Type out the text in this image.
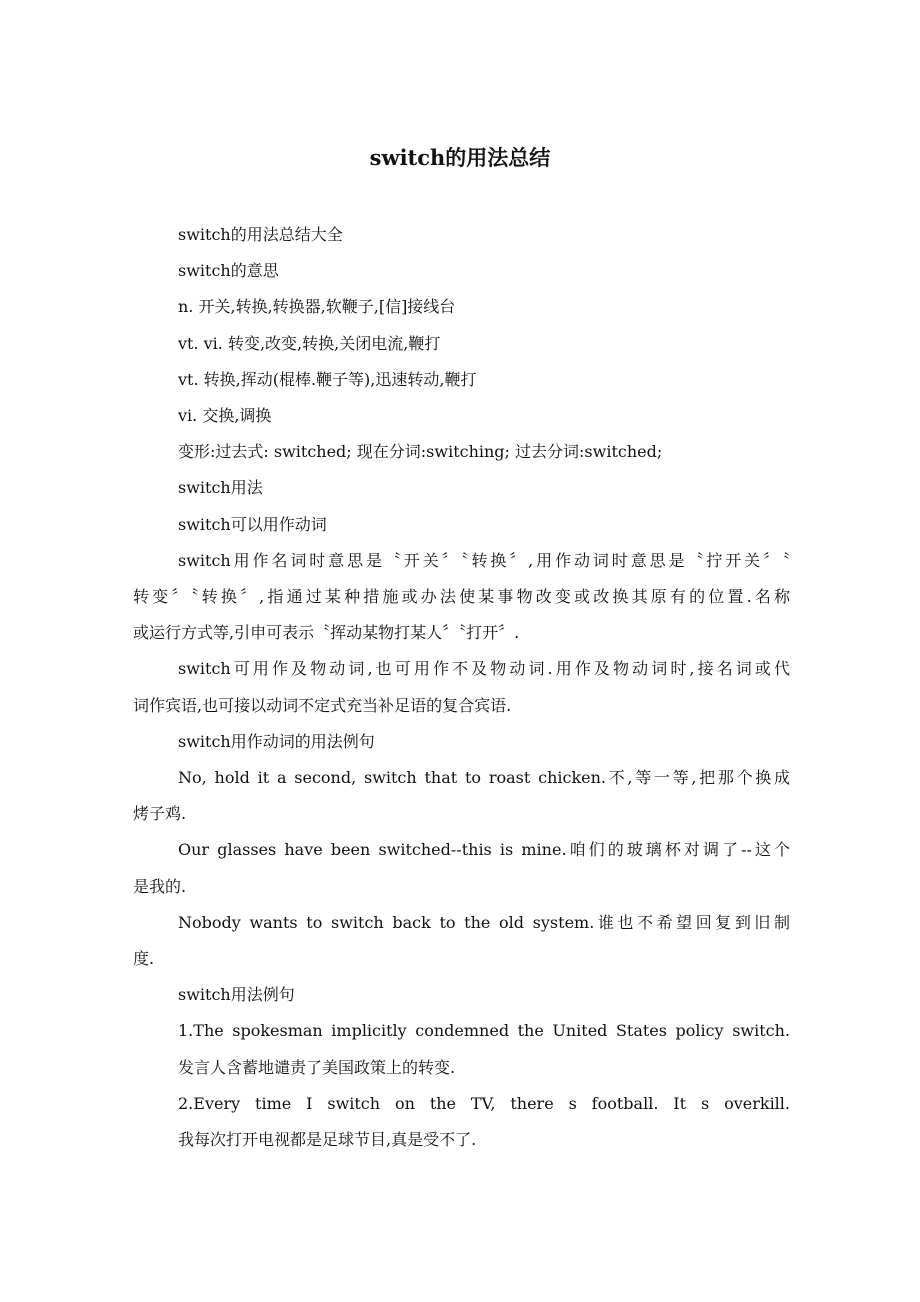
switch的用法总结
switch的用法总结大全
switch的意思
n. 开关,转换,转换器,软鞭子,[信]接线台
vt. vi. 转变,改变,转换,关闭电流,鞭打
vt. 转换,挥动(棍棒.鞭子等),迅速转动,鞭打
vi. 交换,调换
变形:过去式: switched; 现在分词:switching; 过去分词:switched;
switch用法
switch可以用作动词
switch用作名词时意思是〝开关〞〝转换〞,用作动词时意思是〝拧开关〞〝
转变〞〝转换〞,指通过某种措施或办法使某事物改变或改换其原有的位置.名称
或运行方式等,引申可表示〝挥动某物打某人〞〝打开〞.
switch可用作及物动词,也可用作不及物动词.用作及物动词时,接名词或代
词作宾语,也可接以动词不定式充当补足语的复合宾语.
switch用作动词的用法例句
No, hold it a second, switch that to roast chicken.不,等一等,把那个换成
烤子鸡.
Our glasses have been switched--this is mine.咱们的玻璃杯对调了--这个
是我的.
Nobody wants to switch back to the old system.谁也不希望回复到旧制
度.
switch用法例句
1.The spokesman implicitly condemned the United States policy switch.
发言人含蓄地谴责了美国政策上的转变.
2.Every time I switch on the TV, there s football. It s overkill.
我每次打开电视都是足球节目,真是受不了.
